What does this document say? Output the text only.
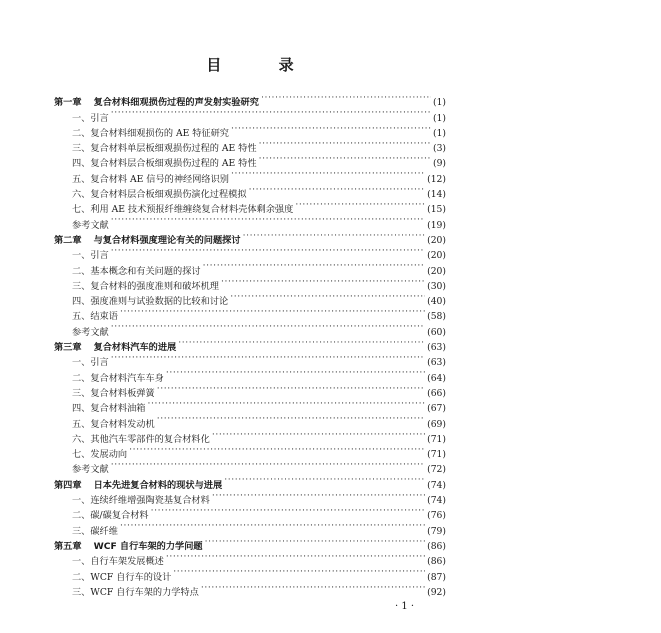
目 录
第一章 复合材料细观损伤过程的声发射实验研究 ·····	(1)
一、引言 ·····	(1)
二、复合材料细观损伤的 AE 特征研究 ·····	(1)
三、复合材料单层板细观损伤过程的 AE 特性 ·····	(3)
四、复合材料层合板细观损伤过程的 AE 特性 ·····	(9)
五、复合材料 AE 信号的神经网络识别 ·····	(12)
六、复合材料层合板细观损伤演化过程模拟 ·····	(14)
七、利用 AE 技术预报纤维缠绕复合材料壳体剩余强度 ·····	(15)
参考文献 ·····	(19)
第二章 与复合材料强度理论有关的问题探讨 ·····	(20)
一、引言 ·····	(20)
二、基本概念和有关问题的探讨 ·····	(20)
三、复合材料的强度准则和破坏机理 ·····	(30)
四、强度准则与试验数据的比较和讨论 ·····	(40)
五、结束语 ·····	(58)
参考文献 ·····	(60)
第三章 复合材料汽车的进展 ·····	(63)
一、引言 ·····	(63)
二、复合材料汽车车身 ·····	(64)
三、复合材料板弹簧 ·····	(66)
四、复合材料油箱 ·····	(67)
五、复合材料发动机 ·····	(69)
六、其他汽车零部件的复合材料化 ·····	(71)
七、发展动向 ·····	(71)
参考文献 ·····	(72)
第四章 日本先进复合材料的现状与进展 ·····	(74)
一、连续纤维增强陶瓷基复合材料 ·····	(74)
二、碳/碳复合材料 ·····	(76)
三、碳纤维 ·····	(79)
第五章 WCF 自行车架的力学问题 ·····	(86)
一、自行车架发展概述 ·····	(86)
二、WCF 自行车的设计 ·····	(87)
三、WCF 自行车架的力学特点 ·····	(92)
· 1 ·
